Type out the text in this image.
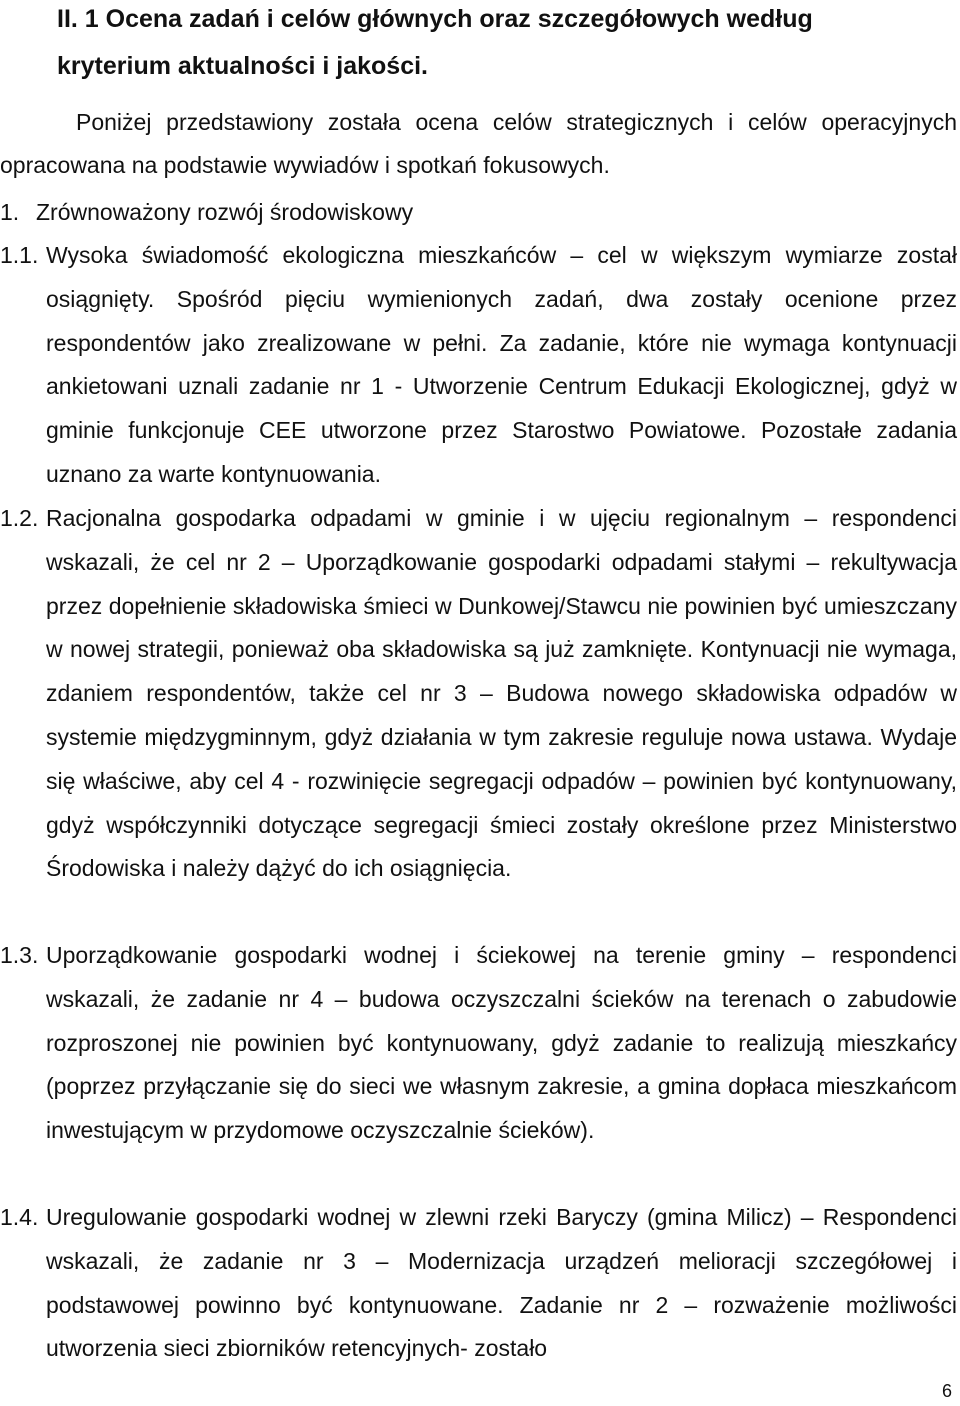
II. 1 Ocena zadań i celów głównych oraz szczegółowych według
kryterium aktualności i jakości.

Poniżej przedstawiony została ocena celów strategicznych i celów operacyjnych opracowana na podstawie wywiadów i spotkań fokusowych.

1. Zrównoważony rozwój środowiskowy
1.1. Wysoka świadomość ekologiczna mieszkańców – cel w większym wymiarze został osiągnięty. Spośród pięciu wymienionych zadań, dwa zostały ocenione przez respondentów jako zrealizowane w pełni. Za zadanie, które nie wymaga kontynuacji ankietowani uznali zadanie nr 1 - Utworzenie Centrum Edukacji Ekologicznej, gdyż w gminie funkcjonuje CEE utworzone przez Starostwo Powiatowe. Pozostałe zadania uznano za warte kontynuowania.
1.2. Racjonalna gospodarka odpadami w gminie i w ujęciu regionalnym – respondenci wskazali, że cel nr 2 – Uporządkowanie gospodarki odpadami stałymi – rekultywacja przez dopełnienie składowiska śmieci w Dunkowej/Stawcu nie powinien być umieszczany w nowej strategii, ponieważ oba składowiska są już zamknięte. Kontynuacji nie wymaga, zdaniem respondentów, także cel nr 3 – Budowa nowego składowiska odpadów w systemie międzygminnym, gdyż działania w tym zakresie reguluje nowa ustawa. Wydaje się właściwe, aby cel 4 - rozwinięcie segregacji odpadów – powinien być kontynuowany, gdyż współczynniki dotyczące segregacji śmieci zostały określone przez Ministerstwo Środowiska i należy dążyć do ich osiągnięcia.
1.3. Uporządkowanie gospodarki wodnej i ściekowej na terenie gminy – respondenci wskazali, że zadanie nr 4 – budowa oczyszczalni ścieków na terenach o zabudowie rozproszonej nie powinien być kontynuowany, gdyż zadanie to realizują mieszkańcy (poprzez przyłączanie się do sieci we własnym zakresie, a gmina dopłaca mieszkańcom inwestującym w przydomowe oczyszczalnie ścieków).
1.4. Uregulowanie gospodarki wodnej w zlewni rzeki Baryczy (gmina Milicz) – Respondenci wskazali, że zadanie nr 3 – Modernizacja urządzeń melioracji szczegółowej i podstawowej powinno być kontynuowane. Zadanie nr 2 – rozważenie możliwości utworzenia sieci zbiorników retencyjnych- zostało
6
